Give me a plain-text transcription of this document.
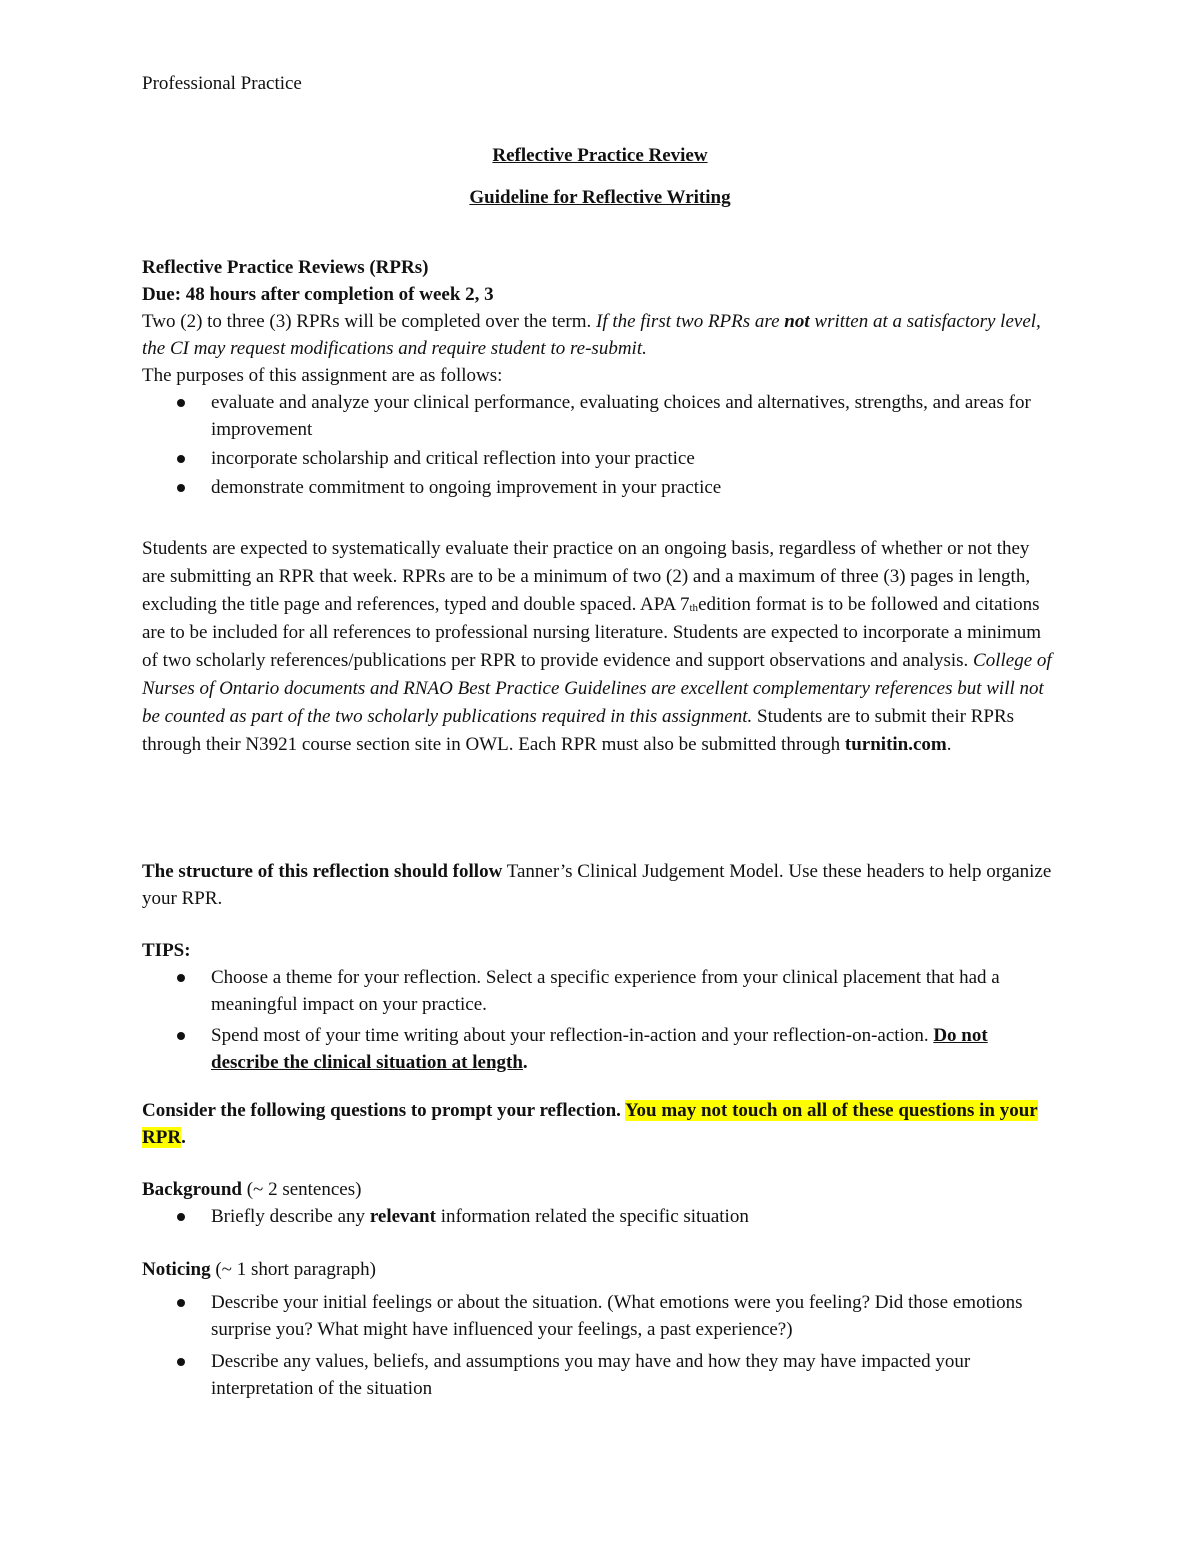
Professional Practice
Reflective Practice Review
Guideline for Reflective Writing

Reflective Practice Reviews (RPRs)

Due: 48 hours after completion of week 2, 3

Two (2) to three (3) RPRs will be completed over the term. If the first two RPRs are not written at a satisfactory level, the CI may request modifications and require student to re-submit.

The purposes of this assignment are as follows:

evaluate and analyze your clinical performance, evaluating choices and alternatives, strengths, and areas for improvement
incorporate scholarship and critical reflection into your practice
demonstrate commitment to ongoing improvement in your practice
Students are expected to systematically evaluate their practice on an ongoing basis, regardless of whether or not they are submitting an RPR that week. RPRs are to be a minimum of two (2) and a maximum of three (3) pages in length, excluding the title page and references, typed and double spaced. APA 7thedition format is to be followed and citations are to be included for all references to professional nursing literature. Students are expected to incorporate a minimum of two scholarly references/publications per RPR to provide evidence and support observations and analysis. College of Nurses of Ontario documents and RNAO Best Practice Guidelines are excellent complementary references but will not be counted as part of the two scholarly publications required in this assignment. Students are to submit their RPRs through their N3921 course section site in OWL. Each RPR must also be submitted through turnitin.com.
The structure of this reflection should follow Tanner’s Clinical Judgement Model. Use these headers to help organize your RPR.

TIPS:

Choose a theme for your reflection. Select a specific experience from your clinical placement that had a meaningful impact on your practice.
Spend most of your time writing about your reflection-in-action and your reflection-on-action. Do not describe the clinical situation at length.
Consider the following questions to prompt your reflection. You may not touch on all of these questions in your RPR.

Background (~ 2 sentences)

Briefly describe any relevant information related the specific situation

Noticing (~ 1 short paragraph)

Describe your initial feelings or about the situation. (What emotions were you feeling? Did those emotions surprise you? What might have influenced your feelings, a past experience?)
Describe any values, beliefs, and assumptions you may have and how they may have impacted your interpretation of the situation
